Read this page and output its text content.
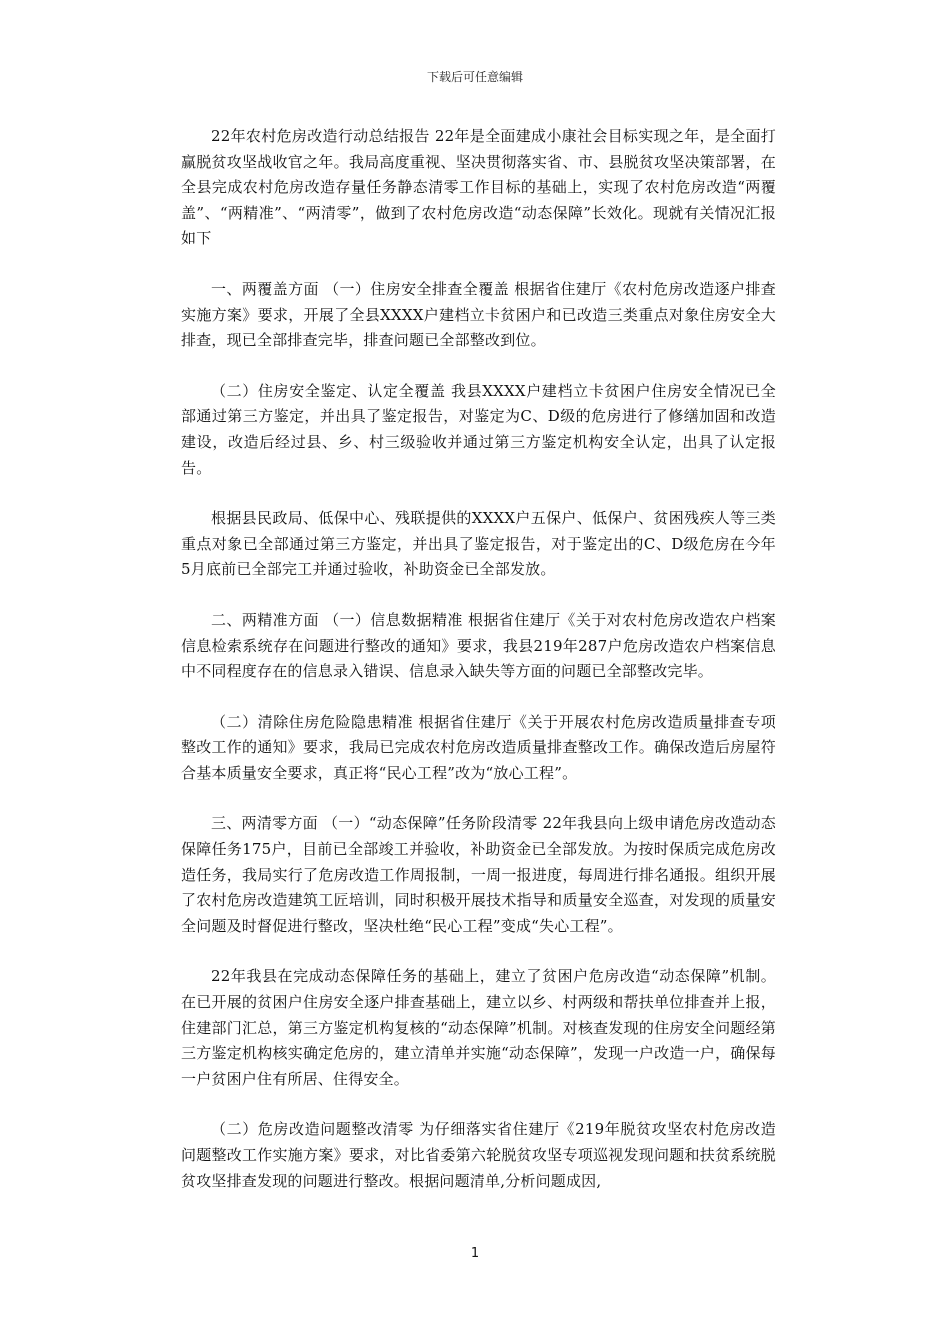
下载后可任意编辑

22年农村危房改造行动总结报告 22年是全面建成小康社会目标实现之年，是全面打赢脱贫攻坚战收官之年。我局高度重视、坚决贯彻落实省、市、县脱贫攻坚决策部署，在全县完成农村危房改造存量任务静态清零工作目标的基础上，实现了农村危房改造“两覆盖”、“两精准”、“两清零”，做到了农村危房改造“动态保障”长效化。现就有关情况汇报如下

一、两覆盖方面 （一）住房安全排查全覆盖 根据省住建厅《农村危房改造逐户排查实施方案》要求，开展了全县XXXX户建档立卡贫困户和已改造三类重点对象住房安全大排查，现已全部排查完毕，排查问题已全部整改到位。

（二）住房安全鉴定、认定全覆盖 我县XXXX户建档立卡贫困户住房安全情况已全部通过第三方鉴定，并出具了鉴定报告，对鉴定为C、D级的危房进行了修缮加固和改造建设，改造后经过县、乡、村三级验收并通过第三方鉴定机构安全认定，出具了认定报告。

根据县民政局、低保中心、残联提供的XXXX户五保户、低保户、贫困残疾人等三类重点对象已全部通过第三方鉴定，并出具了鉴定报告，对于鉴定出的C、D级危房在今年5月底前已全部完工并通过验收，补助资金已全部发放。

二、两精准方面 （一）信息数据精准 根据省住建厅《关于对农村危房改造农户档案信息检索系统存在问题进行整改的通知》要求，我县219年287户危房改造农户档案信息中不同程度存在的信息录入错误、信息录入缺失等方面的问题已全部整改完毕。

（二）清除住房危险隐患精准 根据省住建厅《关于开展农村危房改造质量排查专项整改工作的通知》要求，我局已完成农村危房改造质量排查整改工作。确保改造后房屋符合基本质量安全要求，真正将“民心工程”改为“放心工程”。

三、两清零方面 （一）“动态保障”任务阶段清零 22年我县向上级申请危房改造动态保障任务175户，目前已全部竣工并验收，补助资金已全部发放。为按时保质完成危房改造任务，我局实行了危房改造工作周报制，一周一报进度，每周进行排名通报。组织开展了农村危房改造建筑工匠培训，同时积极开展技术指导和质量安全巡查，对发现的质量安全问题及时督促进行整改，坚决杜绝“民心工程”变成“失心工程”。

22年我县在完成动态保障任务的基础上，建立了贫困户危房改造“动态保障”机制。在已开展的贫困户住房安全逐户排查基础上，建立以乡、村两级和帮扶单位排查并上报，住建部门汇总，第三方鉴定机构复核的“动态保障”机制。对核查发现的住房安全问题经第三方鉴定机构核实确定危房的，建立清单并实施“动态保障”，发现一户改造一户，确保每一户贫困户住有所居、住得安全。

（二）危房改造问题整改清零 为仔细落实省住建厅《219年脱贫攻坚农村危房改造问题整改工作实施方案》要求，对比省委第六轮脱贫攻坚专项巡视发现问题和扶贫系统脱贫攻坚排查发现的问题进行整改。根据问题清单,分析问题成因,

1
